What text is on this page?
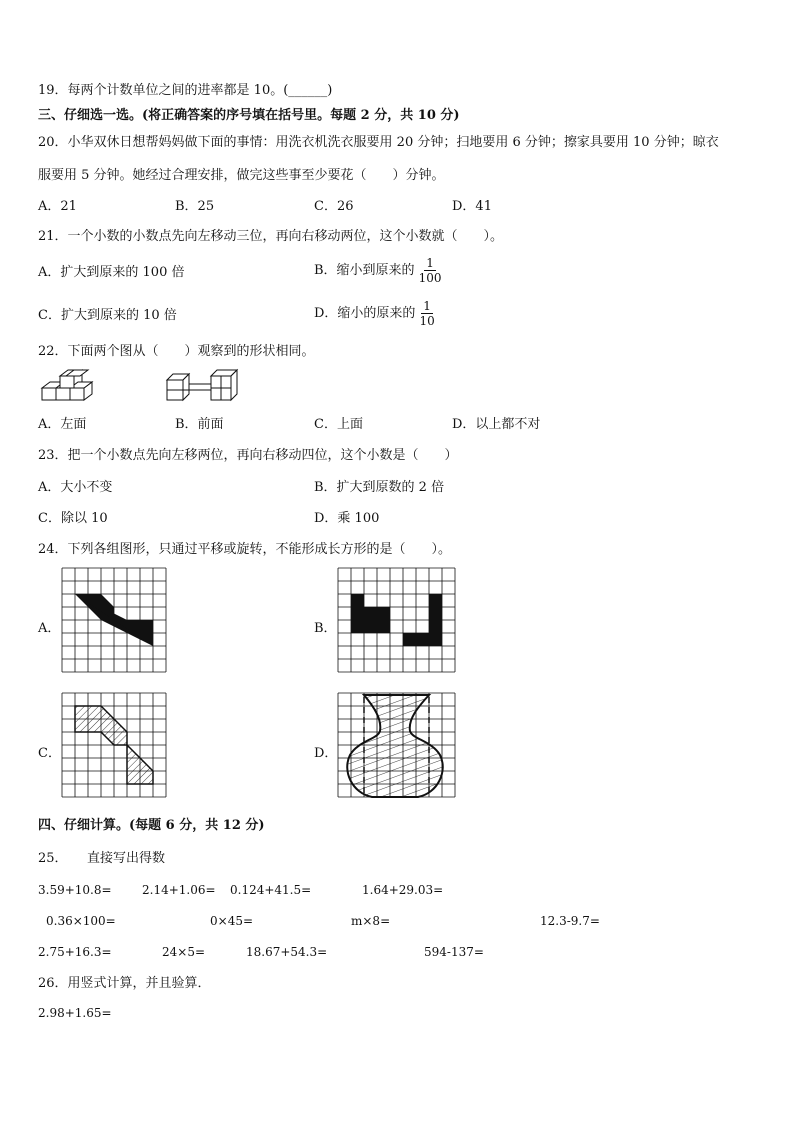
19．每两个计数单位之间的进率都是 10。(______)
三、仔细选一选。(将正确答案的序号填在括号里。每题 2 分，共 10 分)
20．小华双休日想帮妈妈做下面的事情：用洗衣机洗衣服要用 20 分钟；扫地要用 6 分钟；擦家具要用 10 分钟；晾衣
服要用 5 分钟。她经过合理安排，做完这些事至少要花（　　）分钟。
A．21	B．25	C．26	D．41
21．一个小数的小数点先向左移动三位，再向右移动两位，这个小数就（　　）。
A．扩大到原来的 100 倍	B．缩小到原来的 $\frac{1}{100}$
C．扩大到原来的 10 倍	D．缩小的原来的 $\frac{1}{10}$
22．下面两个图从（　　）观察到的形状相同。
A．左面	B．前面	C．上面	D．以上都不对
23．把一个小数点先向左移两位，再向右移动四位，这个小数是（　　）
A．大小不变	B．扩大到原数的 2 倍
C．除以 10	D．乘 100
24．下列各组图形，只通过平移或旋转，不能形成长方形的是（　　）。
A．	B．
C．	D．
四、仔细计算。(每题 6 分，共 12 分)
25．　　直接写出得数
3.59+10.8=	2.14+1.06= 0.124+41.5=	1.64+29.03=
0.36×100=	0×45=	m×8=	12.3-9.7=
2.75+16.3=	24×5=	18.67+54.3=	594-137=
26．用竖式计算，并且验算．
2.98+1.65=
